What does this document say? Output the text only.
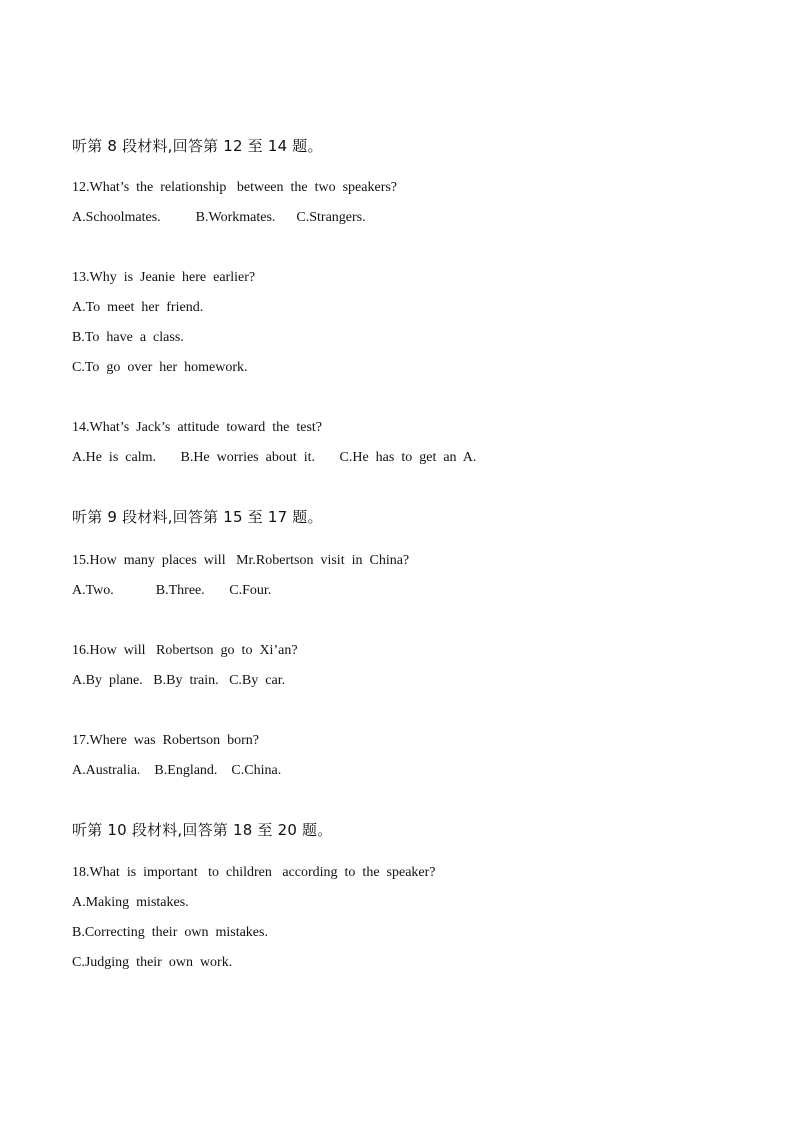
听第 8 段材料,回答第 12 至 14 题。
12.What’s  the  relationship   between  the  two  speakers?
A.Schoolmates.          B.Workmates.      C.Strangers.
13.Why  is  Jeanie  here  earlier?
A.To  meet  her  friend.
B.To  have  a  class.
C.To  go  over  her  homework.
14.What’s  Jack’s  attitude  toward  the  test?
A.He  is  calm.       B.He  worries  about  it.       C.He  has  to  get  an  A.
听第 9 段材料,回答第 15 至 17 题。
15.How  many  places  will   Mr.Robertson  visit  in  China?
A.Two.            B.Three.       C.Four.
16.How  will   Robertson  go  to  Xi’an?
A.By  plane.   B.By  train.   C.By  car.
17.Where  was  Robertson  born?
A.Australia.    B.England.    C.China.
听第 10 段材料,回答第 18 至 20 题。
18.What  is  important   to  children   according  to  the  speaker?
A.Making  mistakes.
B.Correcting  their  own  mistakes.
C.Judging  their  own  work.
